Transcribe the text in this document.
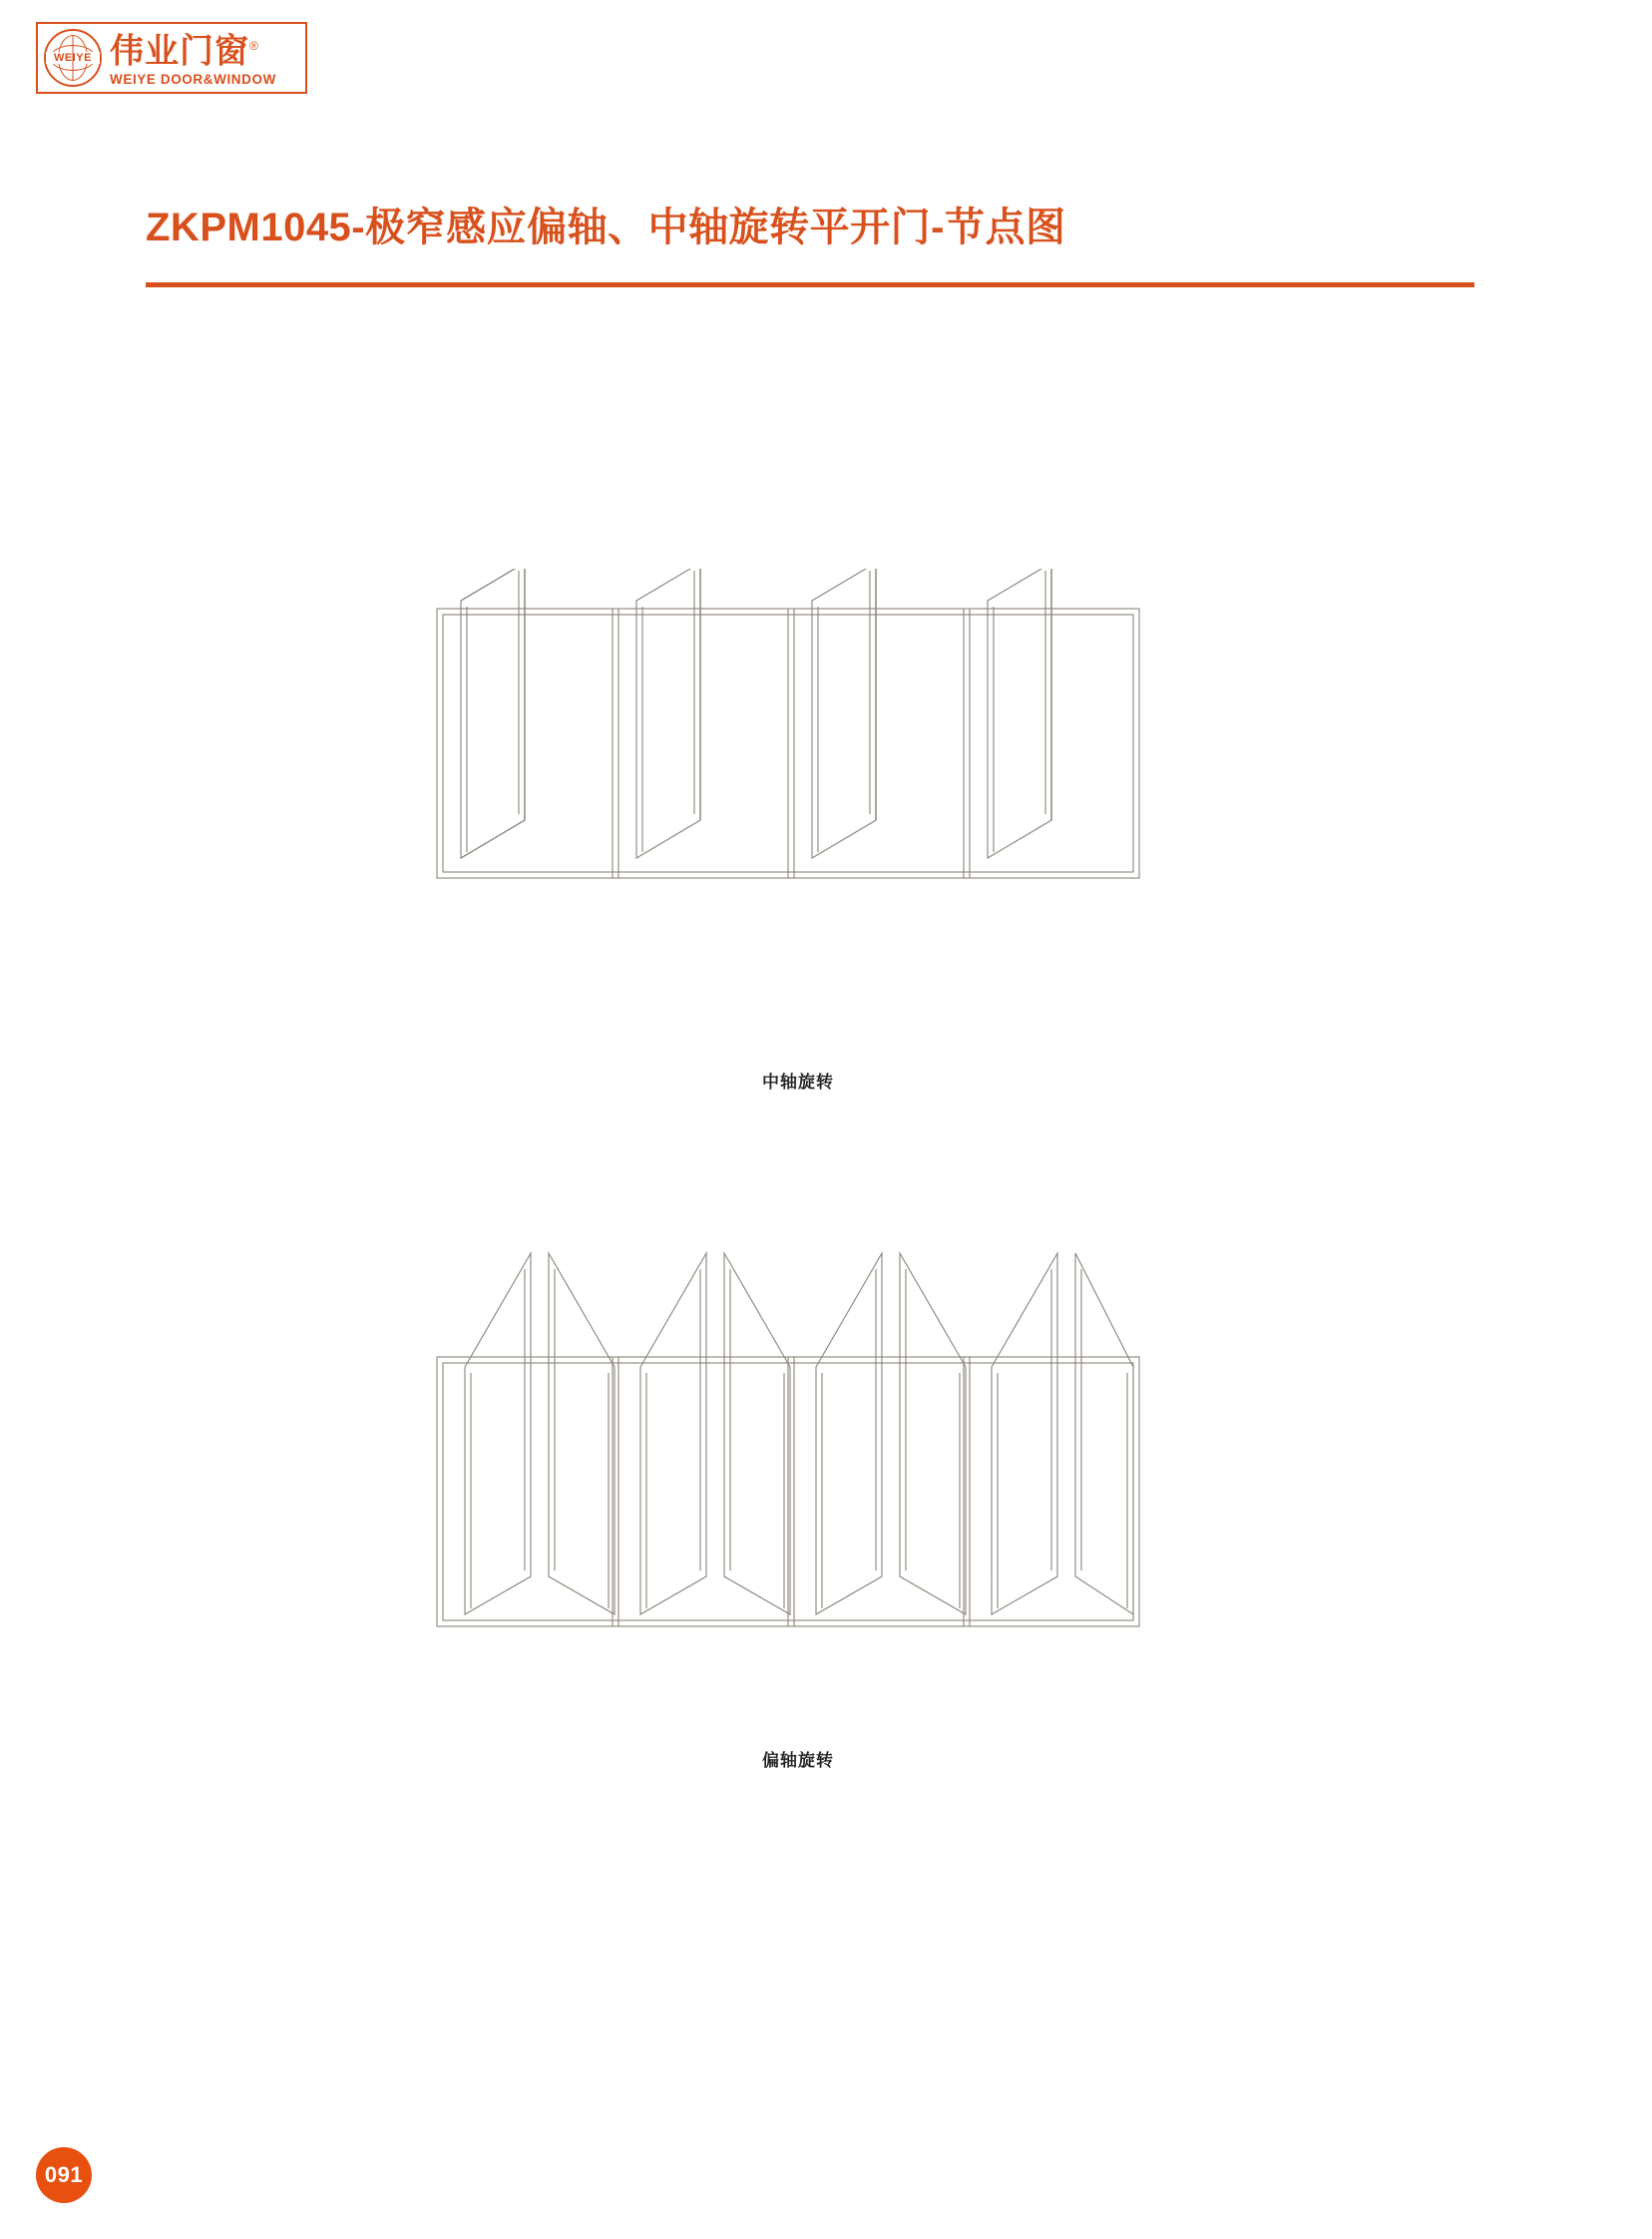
WEIYE 伟业门窗®
WEIYE DOOR&WINDOW
ZKPM1045-极窄感应偏轴、中轴旋转平开门-节点图
中轴旋转
偏轴旋转
091
